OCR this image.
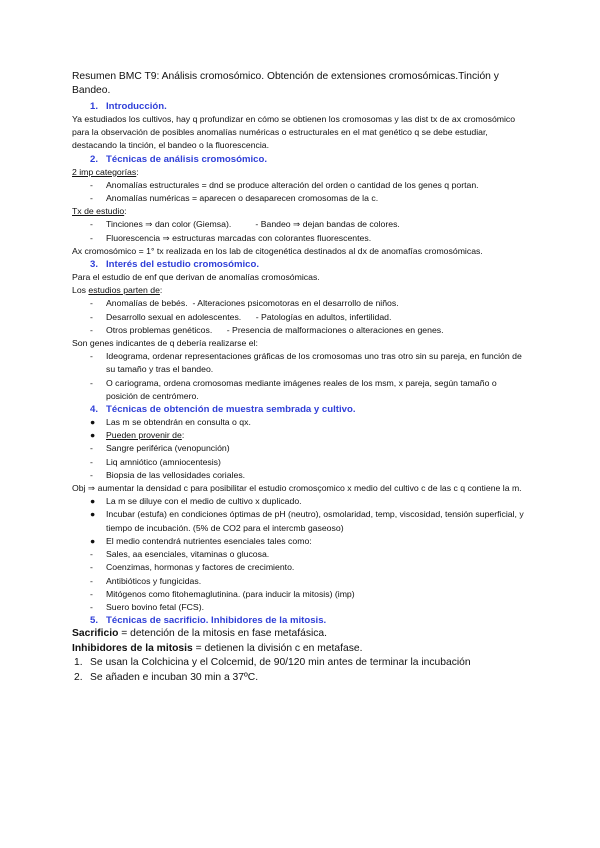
Resumen BMC T9: Análisis cromosómico. Obtención de extensiones cromosómicas.Tinción y Bandeo.

1. Introducción.

Ya estudiados los cultivos, hay q profundizar en cómo se obtienen los cromosomas y las dist tx de ax cromosómico para la observación de posibles anomalías numéricas o estructurales en el mat genético q se debe estudiar, destacando la tinción, el bandeo o la fluorescencia.

2. Técnicas de análisis cromosómico.

2 imp categorías:

- Anomalías estructurales = dnd se produce alteración del orden o cantidad de los genes q portan.
- Anomalías numéricas = aparecen o desaparecen cromosomas de la c.

Tx de estudio:

- Tinciones ⇒ dan color (Giemsa).          - Bandeo ⇒ dejan bandas de colores.
- Fluorescencia ⇒ estructuras marcadas con colorantes fluorescentes.

Ax cromosómico = 1° tx realizada en los lab de citogenética destinados al dx de anomafías cromosómicas.

3. Interés del estudio cromosómico.

Para el estudio de enf que derivan de anomalías cromosómicas.

Los estudios parten de:

- Anomalías de bebés.  - Alteraciones psicomotoras en el desarrollo de niños.
- Desarrollo sexual en adolescentes.      - Patologías en adultos, infertilidad.
- Otros problemas genéticos.      - Presencia de malformaciones o alteraciones en genes.

Son genes indicantes de q debería realizarse el:

- Ideograma, ordenar representaciones gráficas de los cromosomas uno tras otro sin su pareja, en función de su tamaño y tras el bandeo.
- O cariograma, ordena cromosomas mediante imágenes reales de los msm, x pareja, según tamaño o posición de centrómero.

4. Técnicas de obtención de muestra sembrada y cultivo.

● Las m se obtendrán en consulta o qx.
● Pueden provenir de:
- Sangre periférica (venopunción)
- Liq amniótico (amniocentesis)
- Biopsia de las vellosidades coriales.

Obj ⇒ aumentar la densidad c para posibilitar el estudio cromosçomico x medio del cultivo c de las c q contiene la m.

● La m se diluye con el medio de cultivo x duplicado.
● Incubar (estufa) en condiciones óptimas de pH (neutro), osmolaridad, temp, viscosidad, tensión superficial, y tiempo de incubación. (5% de CO2 para el intercmb gaseoso)
● El medio contendrá nutrientes esenciales tales como:
- Sales, aa esenciales, vitaminas o glucosa.
- Coenzimas, hormonas y factores de crecimiento.
- Antibióticos y fungicidas.
- Mitógenos como fitohemaglutinina. (para inducir la mitosis) (imp)
- Suero bovino fetal (FCS).

5. Técnicas de sacrificio. Inhibidores de la mitosis.

Sacrificio = detención de la mitosis en fase metafásica.

Inhibidores de la mitosis = detienen la división c en metafase.

1. Se usan la Colchicina y el Colcemid, de 90/120 min antes de terminar la incubación
2. Se añaden e incuban 30 min a 37ºC.
